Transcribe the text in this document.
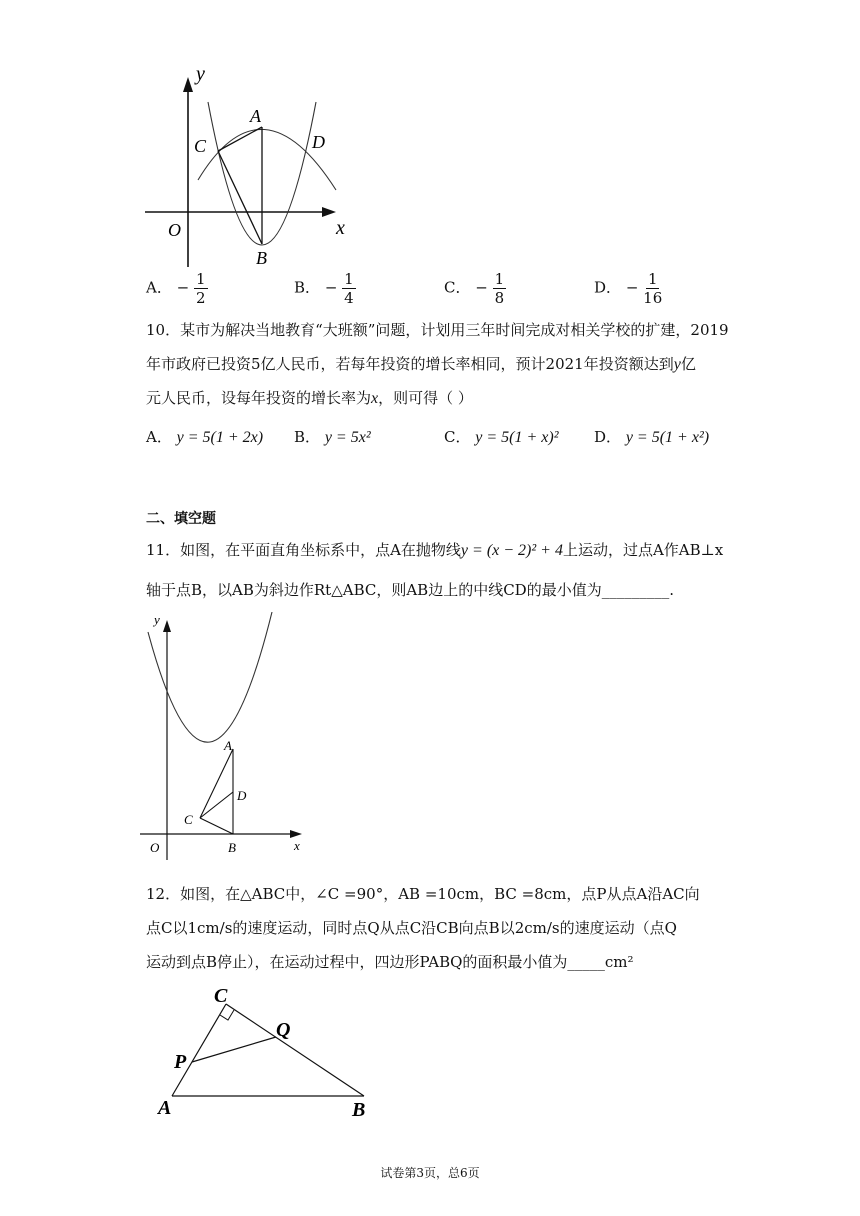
y
x
O
A
B
C	D
A． − $\frac{1}{2}$	B． − $\frac{1}{4}$	C． − $\frac{1}{8}$	D． − $\frac{1}{16}$
10．某市为解决当地教育“大班额”问题，计划用三年时间完成对相关学校的扩建，2019
年市政府已投资5亿人民币，若每年投资的增长率相同，预计2021年投资额达到y亿
元人民币，设每年投资的增长率为x，则可得（ ）
A． y = 5(1 + 2x) B． y = 5x²	C． y = 5(1 + x)² D． y = 5(1 + x²)
二、填空题
11．如图，在平面直角坐标系中，点A在抛物线y = (x − 2)² + 4上运动，过点A作AB⊥x
轴于点B，以AB为斜边作Rt△ABC，则AB边上的中线CD的最小值为_________.
y
x
O
A
B
C
D
12．如图，在△ABC中，∠C =90°，AB =10cm，BC =8cm，点P从点A沿AC向
点C以1cm/s的速度运动，同时点Q从点C沿CB向点B以2cm/s的速度运动（点Q
运动到点B停止），在运动过程中，四边形PABQ的面积最小值为_____cm²
C
Q
P
A	B
试卷第3页，总6页
